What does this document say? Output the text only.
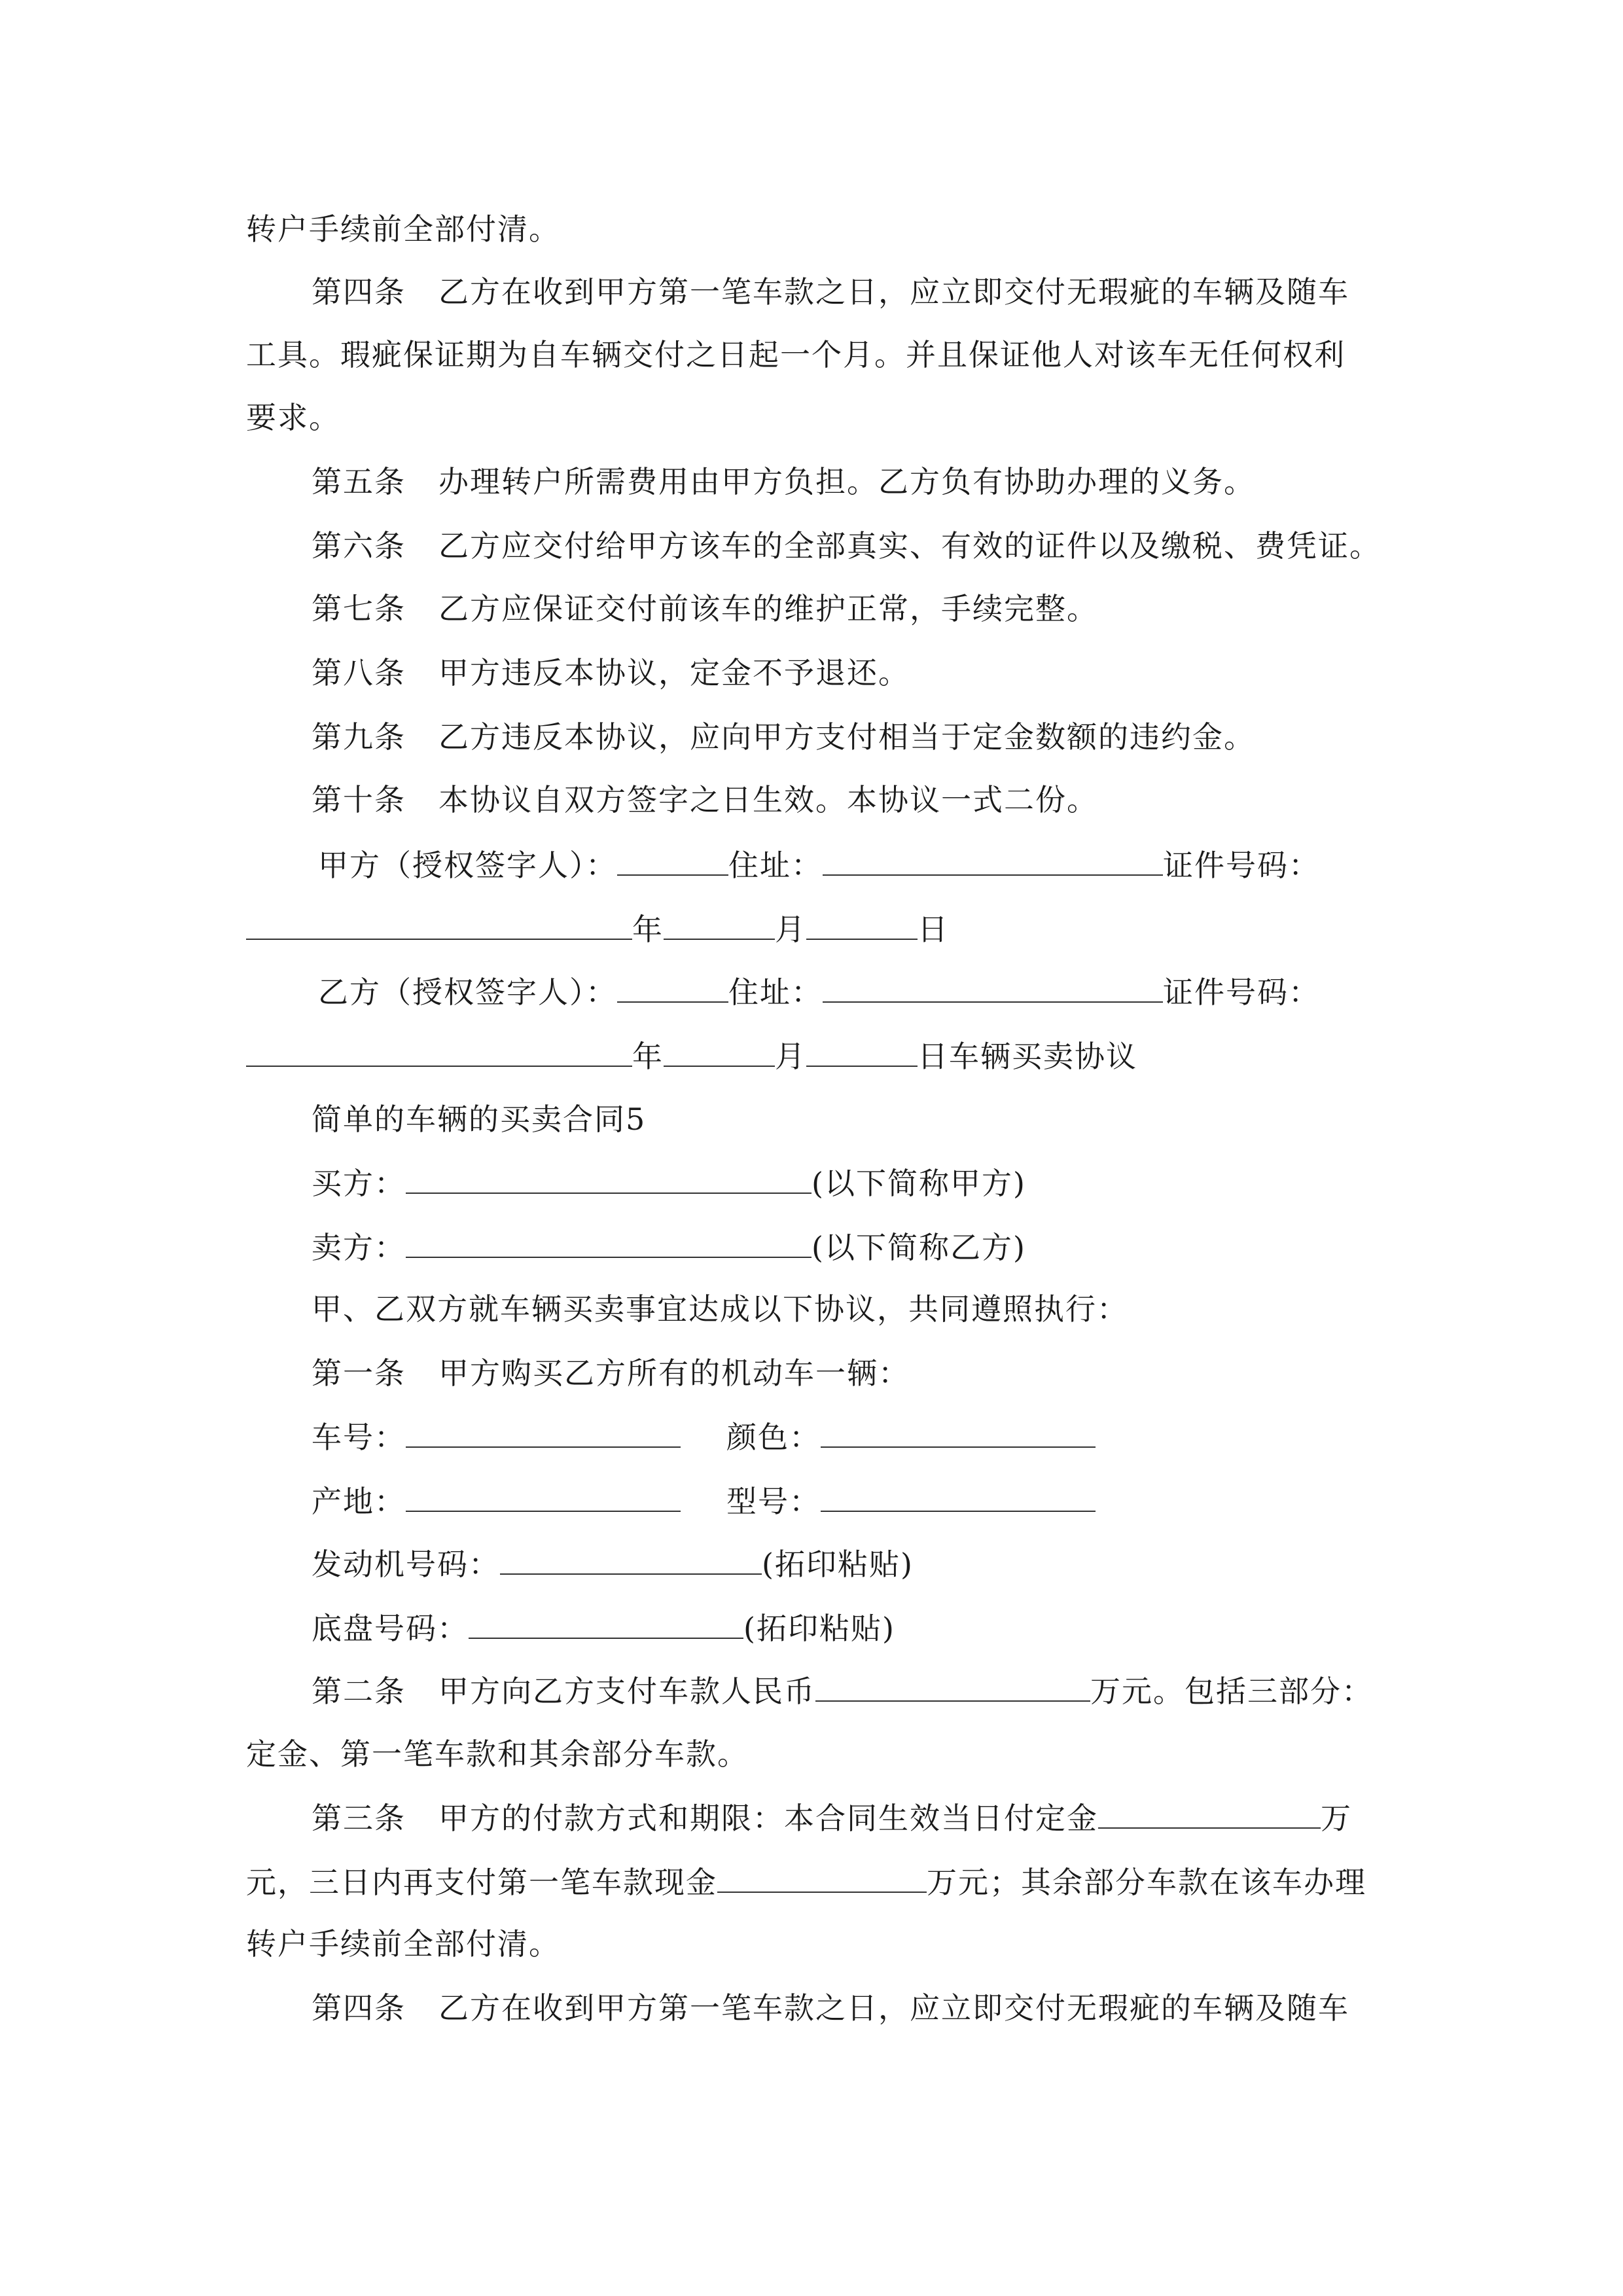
转户手续前全部付清。
第四条 乙方在收到甲方第一笔车款之日，应立即交付无瑕疵的车辆及随车
工具。瑕疵保证期为自车辆交付之日起一个月。并且保证他人对该车无任何权利
要求。
第五条 办理转户所需费用由甲方负担。乙方负有协助办理的义务。
第六条 乙方应交付给甲方该车的全部真实、有效的证件以及缴税、费凭证。
第七条 乙方应保证交付前该车的维护正常，手续完整。
第八条 甲方违反本协议，定金不予退还。
第九条 乙方违反本协议，应向甲方支付相当于定金数额的违约金。
第十条 本协议自双方签字之日生效。本协议一式二份。
甲方（授权签字人）：	住址：	证件号码：
年	月	日
乙方（授权签字人）：	住址：	证件号码：
年	月	日车辆买卖协议
简单的车辆的买卖合同5
买方：	(以下简称甲方)
卖方：	(以下简称乙方)
甲、乙双方就车辆买卖事宜达成以下协议，共同遵照执行：
第一条 甲方购买乙方所有的机动车一辆：
车号：	颜色：
产地：	型号：
发动机号码：	(拓印粘贴)
底盘号码：	(拓印粘贴)
第二条 甲方向乙方支付车款人民币	万元。包括三部分：
定金、第一笔车款和其余部分车款。
第三条 甲方的付款方式和期限：本合同生效当日付定金	万
元，三日内再支付第一笔车款现金	万元；其余部分车款在该车办理
转户手续前全部付清。
第四条 乙方在收到甲方第一笔车款之日，应立即交付无瑕疵的车辆及随车
